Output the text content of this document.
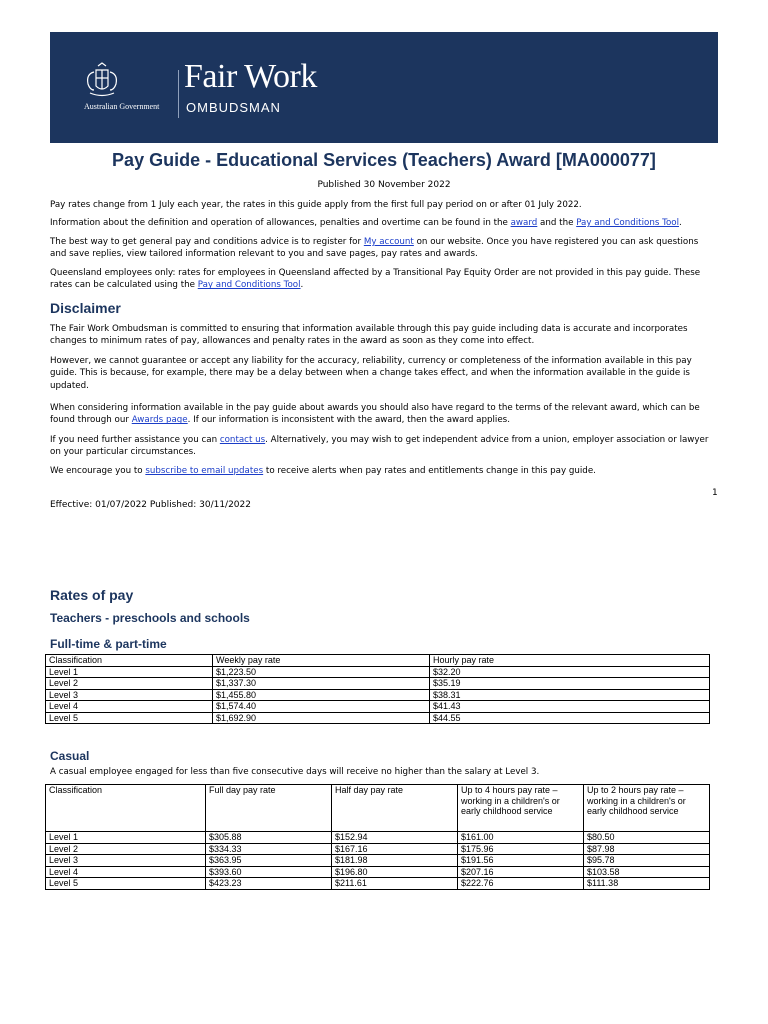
Australian Government
Fair Work
OMBUDSMAN
Pay Guide - Educational Services (Teachers) Award [MA000077]
Published 30 November 2022

Pay rates change from 1 July each year, the rates in this guide apply from the first full pay period on or after 01 July 2022.

Information about the definition and operation of allowances, penalties and overtime can be found in the award and the Pay and Conditions Tool.

The best way to get general pay and conditions advice is to register for My account on our website. Once you have registered you can ask questions and save replies, view tailored information relevant to you and save pages, pay rates and awards.

Queensland employees only: rates for employees in Queensland affected by a Transitional Pay Equity Order are not provided in this pay guide. These rates can be calculated using the Pay and Conditions Tool.

Disclaimer

The Fair Work Ombudsman is committed to ensuring that information available through this pay guide including data is accurate and incorporates changes to minimum rates of pay, allowances and penalty rates in the award as soon as they come into effect.

However, we cannot guarantee or accept any liability for the accuracy, reliability, currency or completeness of the information available in this pay guide. This is because, for example, there may be a delay between when a change takes effect, and when the information available in the guide is updated.

When considering information available in the pay guide about awards you should also have regard to the terms of the relevant award, which can be found through our Awards page. If our information is inconsistent with the award, then the award applies.

If you need further assistance you can contact us. Alternatively, you may wish to get independent advice from a union, employer association or lawyer on your particular circumstances.

We encourage you to subscribe to email updates to receive alerts when pay rates and entitlements change in this pay guide.

1
Effective: 01/07/2022 Published: 30/11/2022
Rates of pay
Teachers - preschools and schools
Full-time & part-time
Classification	Weekly pay rate	Hourly pay rate
Level 1	$1,223.50	$32.20
Level 2	$1,337.30	$35.19
Level 3	$1,455.80	$38.31
Level 4	$1,574.40	$41.43
Level 5	$1,692.90	$44.55
Casual

A casual employee engaged for less than five consecutive days will receive no higher than the salary at Level 3.

Classification	Full day pay rate	Half day pay rate	Up to 4 hours pay rate – working in a children's or early childhood service	Up to 2 hours pay rate – working in a children's or early childhood service
Level 1	$305.88	$152.94	$161.00	$80.50
Level 2	$334.33	$167.16	$175.96	$87.98
Level 3	$363.95	$181.98	$191.56	$95.78
Level 4	$393.60	$196.80	$207.16	$103.58
Level 5	$423.23	$211.61	$222.76	$111.38
